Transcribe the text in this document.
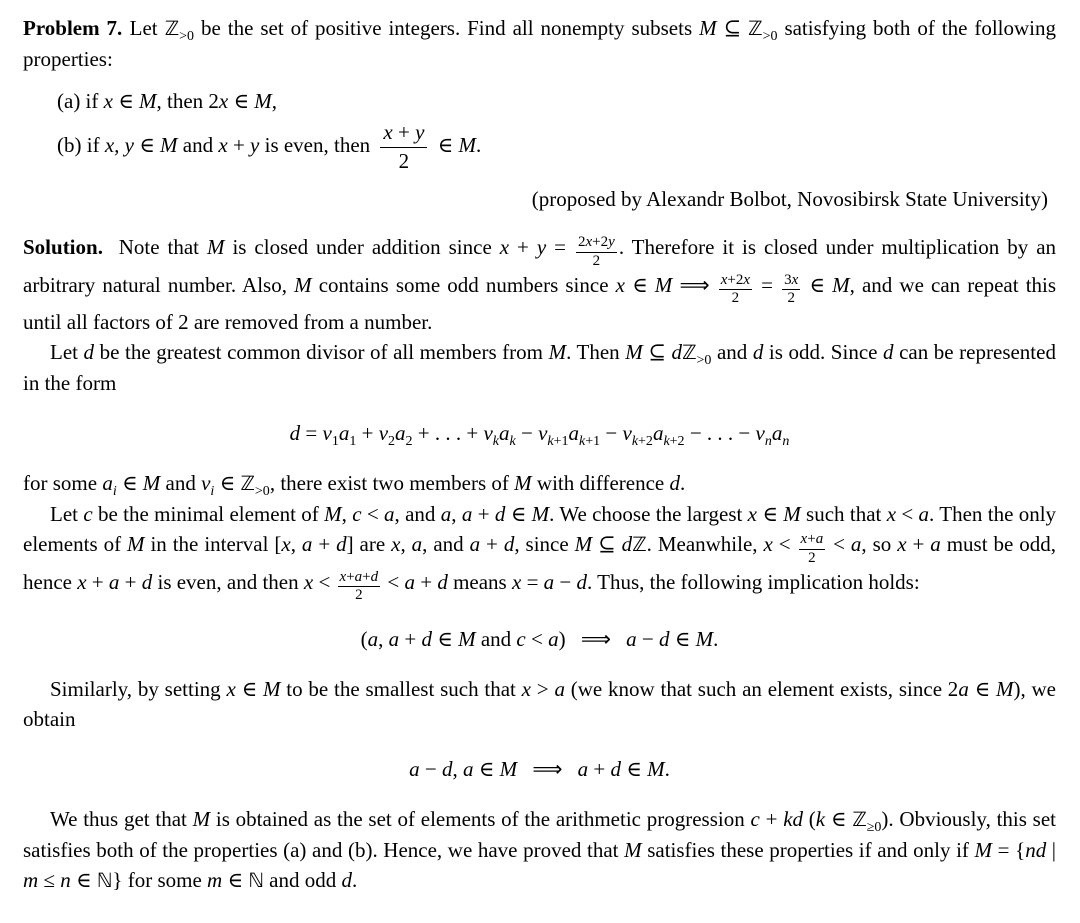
Problem 7. Let ℤ$_{>0}$ be the set of positive integers. Find all nonempty subsets M ⊆ ℤ$_{>0}$ satisfying both of the following properties:

(a) if x ∈ M, then 2x ∈ M,

(b) if x, y ∈ M and x + y is even, then $\frac{x + y}{2}$ ∈ M.

(proposed by Alexandr Bolbot, Novosibirsk State University)

Solution. Note that M is closed under addition since $x + y = \frac{2x+2y}{2}$ . Therefore it is closed under multiplication by an arbitrary natural number. Also, M contains some odd numbers since x ∈ M ⟹ $\frac{x+2x}{2} = \frac{3x}{2}$ ∈ M, and we can repeat this until all factors of 2 are removed from a number.

Let d be the greatest common divisor of all members from M. Then M ⊆ dℤ$_{>0}$ and d is odd. Since d can be represented in the form

$d = v_1a_1 + v_2a_2$ + . . . + $v_ka_k - v_{k+1}a_{k+1} - v_{k+2}a_{k+2}$ − . . . − $v_na_n$

for some $a_i$ ∈ M and $v_i$ ∈ ℤ$_{>0}$, there exist two members of M with difference d.

Let c be the minimal element of M, c < a, and a, a + d ∈ M. We choose the largest x ∈ M such that x < a. Then the only elements of M in the interval [x, a + d] are x, a, and a + d, since M ⊆ dℤ. Meanwhile, $x < \frac{x+a}{2} < a$, so x + a must be odd, hence x + a + d is even, and then $x < \frac{x+a+d}{2} < a + d$ means x = a − d. Thus, the following implication holds:

(a, a + d ∈ M and c < a) ⟹ a − d ∈ M.

Similarly, by setting x ∈ M to be the smallest such that x > a (we know that such an element exists, since 2a ∈ M), we obtain

a − d, a ∈ M ⟹ a + d ∈ M.

We thus get that M is obtained as the set of elements of the arithmetic progression c + kd (k ∈ ℤ$_{\ge 0}$). Obviously, this set satisfies both of the properties (a) and (b). Hence, we have proved that M satisfies these properties if and only if M = {nd | m ≤ n ∈ ℕ} for some m ∈ ℕ and odd d.
